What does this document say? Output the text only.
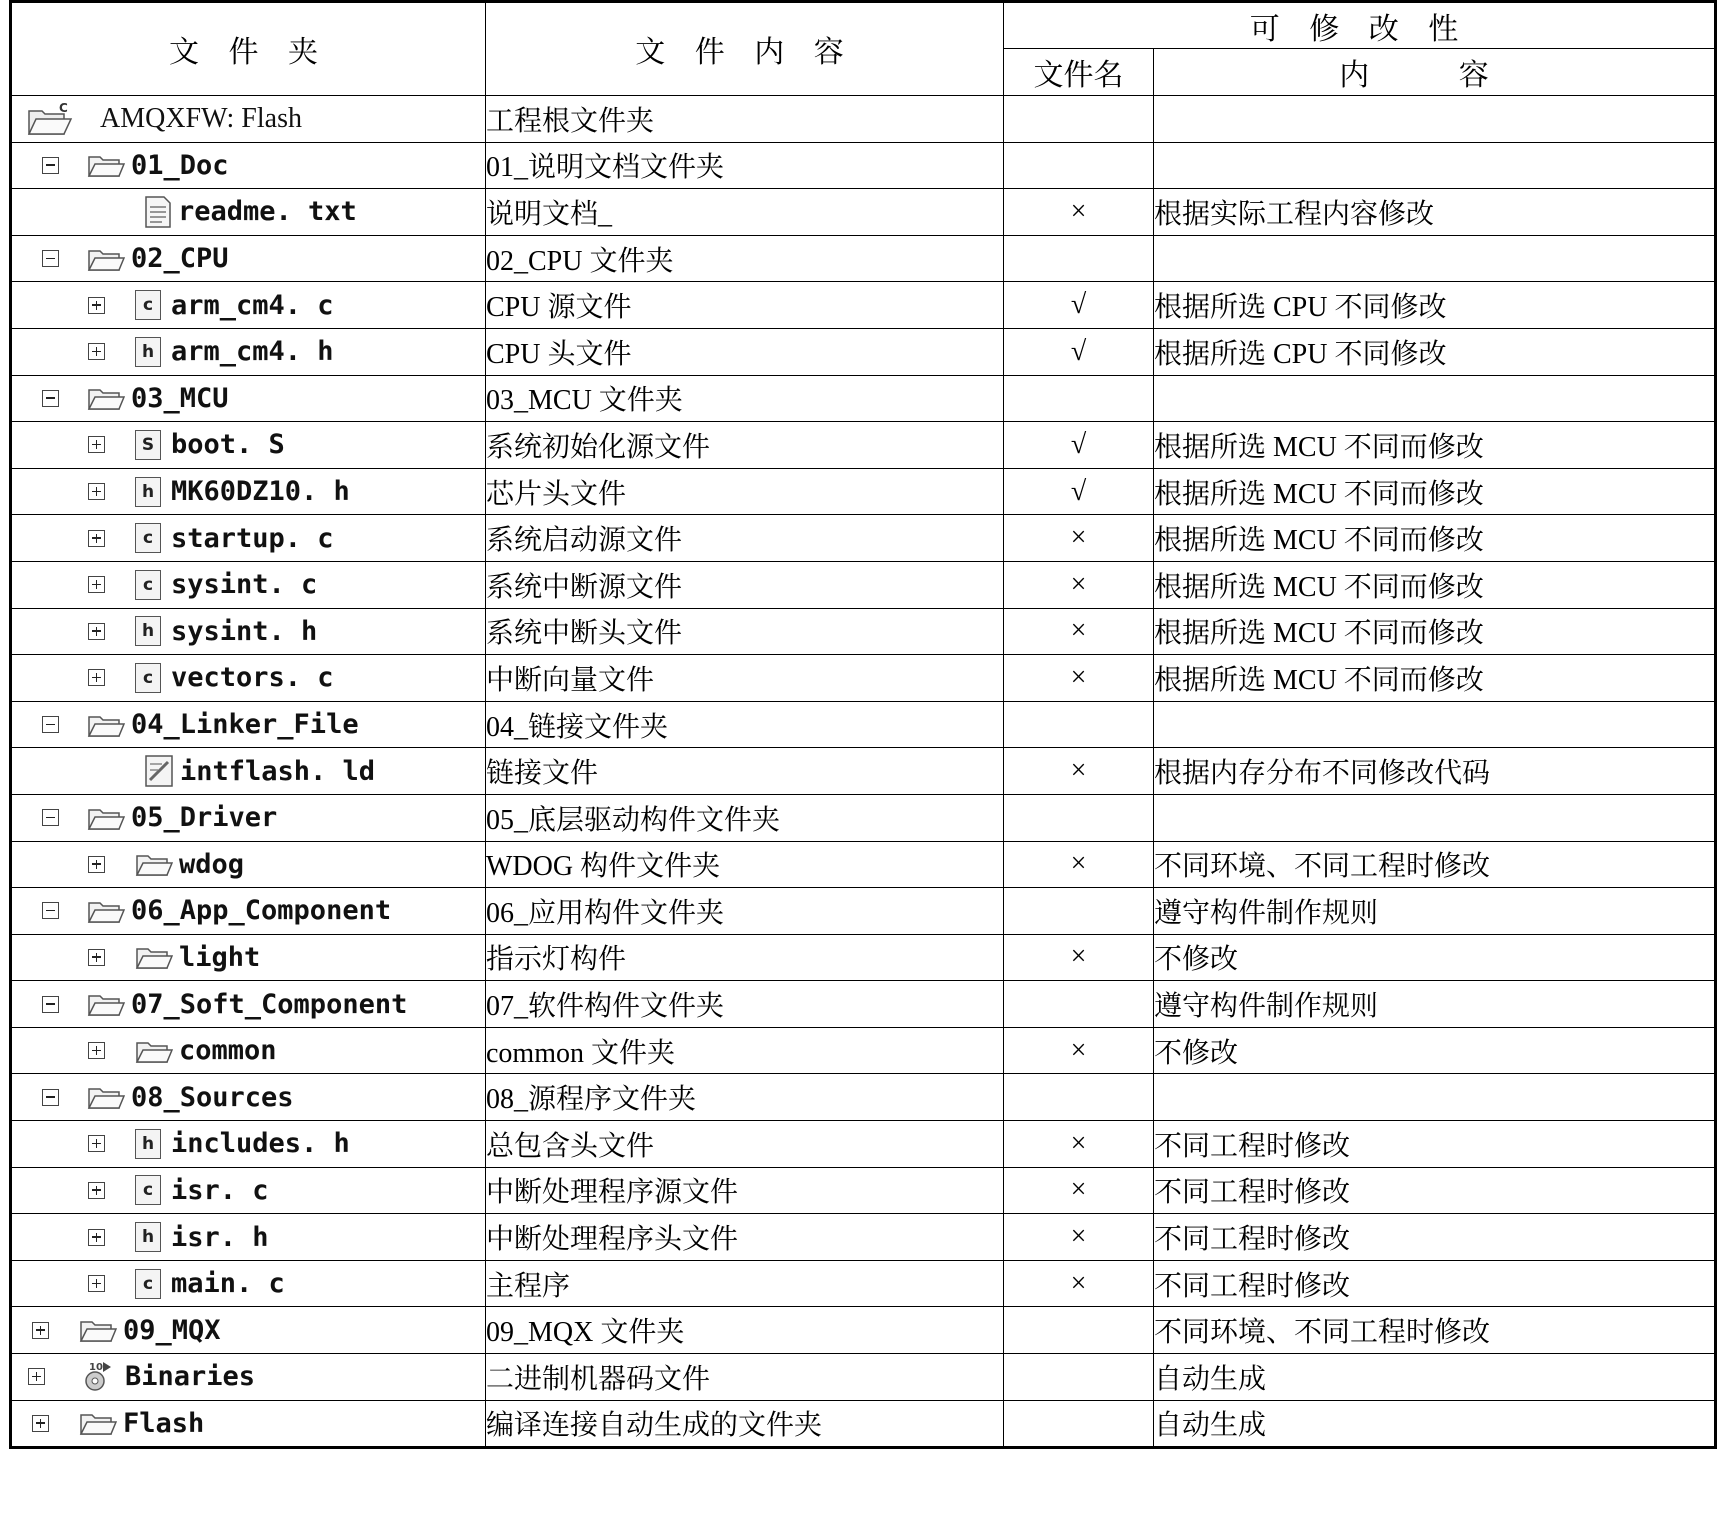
文 件 夹	文 件 内 容	可 修 改 性	
		文件名	内 容

C AMQXFW: Flash	工程根文件夹		

01_Doc	01_说明文档文件夹		

readme. txt	说明文档_	×	根据实际工程内容修改

02_CPU	02_CPU 文件夹		

c arm_cm4. c	CPU 源文件	√	根据所选 CPU 不同修改

h arm_cm4. h	CPU 头文件	√	根据所选 CPU 不同修改

03_MCU	03_MCU 文件夹		

S boot. S	系统初始化源文件	√	根据所选 MCU 不同而修改

h MK60DZ10. h	芯片头文件	√	根据所选 MCU 不同而修改

c startup. c	系统启动源文件	×	根据所选 MCU 不同而修改

c sysint. c	系统中断源文件	×	根据所选 MCU 不同而修改

h sysint. h	系统中断头文件	×	根据所选 MCU 不同而修改

c vectors. c	中断向量文件	×	根据所选 MCU 不同而修改

04_Linker_File	04_链接文件夹		

intflash. ld	链接文件	×	根据内存分布不同修改代码

05_Driver	05_底层驱动构件文件夹		

wdog	WDOG 构件文件夹	×	不同环境、不同工程时修改

06_App_Component	06_应用构件文件夹		遵守构件制作规则

light	指示灯构件	×	不修改

07_Soft_Component	07_软件构件文件夹		遵守构件制作规则

common	common 文件夹	×	不修改

08_Sources	08_源程序文件夹		

h includes. h	总包含头文件	×	不同工程时修改

c isr. c	中断处理程序源文件	×	不同工程时修改

h isr. h	中断处理程序头文件	×	不同工程时修改

c main. c	主程序	×	不同工程时修改

09_MQX	09_MQX 文件夹		不同环境、不同工程时修改

10 Binaries	二进制机器码文件		自动生成

Flash	编译连接自动生成的文件夹		自动生成
